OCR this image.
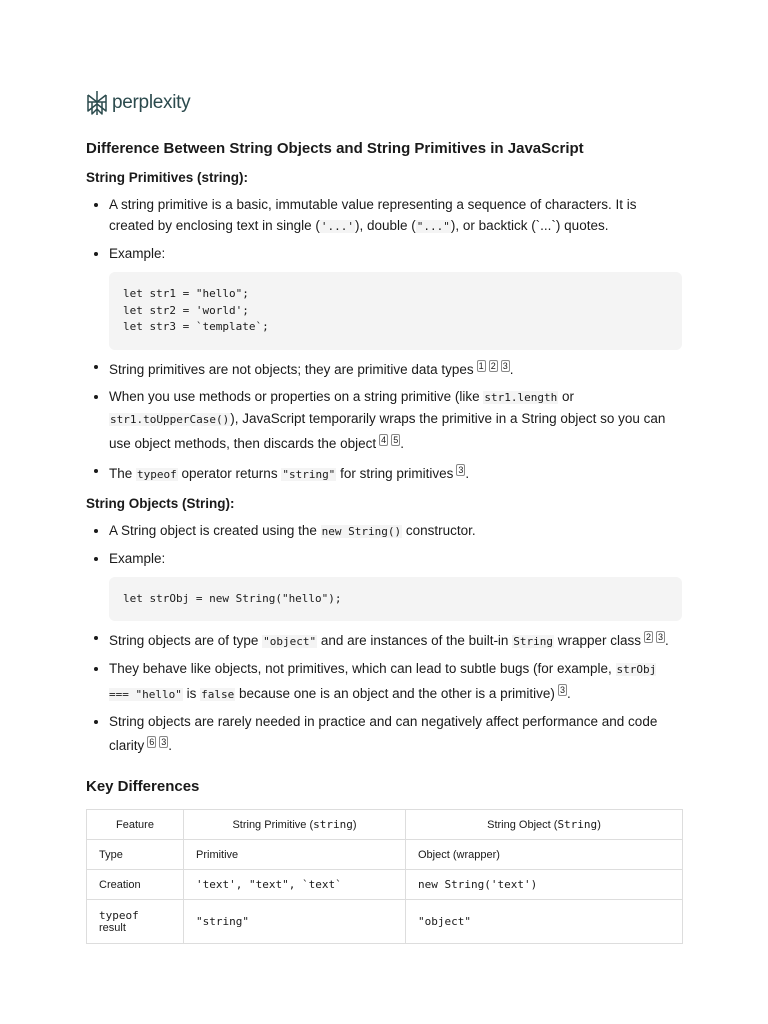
perplexity
Difference Between String Objects and String Primitives in JavaScript
String Primitives (string):
A string primitive is a basic, immutable value representing a sequence of characters. It is created by enclosing text in single ('...'), double ("..."), or backtick (`...`) quotes.
Example:
let str1 = "hello";
let str2 = 'world';
let str3 = `template`;
String primitives are not objects; they are primitive data types $^1$ $^2$ $^3$ .
When you use methods or properties on a string primitive (like str1.length or str1.toUpperCase()), JavaScript temporarily wraps the primitive in a String object so you can use object methods, then discards the object $^4$ $^5$ .
The typeof operator returns "string" for string primitives $^3$ .
String Objects (String):
A String object is created using the new String() constructor.
Example:
let strObj = new String("hello");
String objects are of type "object" and are instances of the built-in String wrapper class $^2$ $^3$ .
They behave like objects, not primitives, which can lead to subtle bugs (for example, strObj === "hello" is false because one is an object and the other is a primitive) $^3$ .
String objects are rarely needed in practice and can negatively affect performance and code clarity $^6$ $^3$ .
Key Differences
Feature	String Primitive (string)	String Object (String)
Type	Primitive	Object (wrapper)
Creation	'text', "text", `text`	new String('text')
typeof
result	"string"	"object"
